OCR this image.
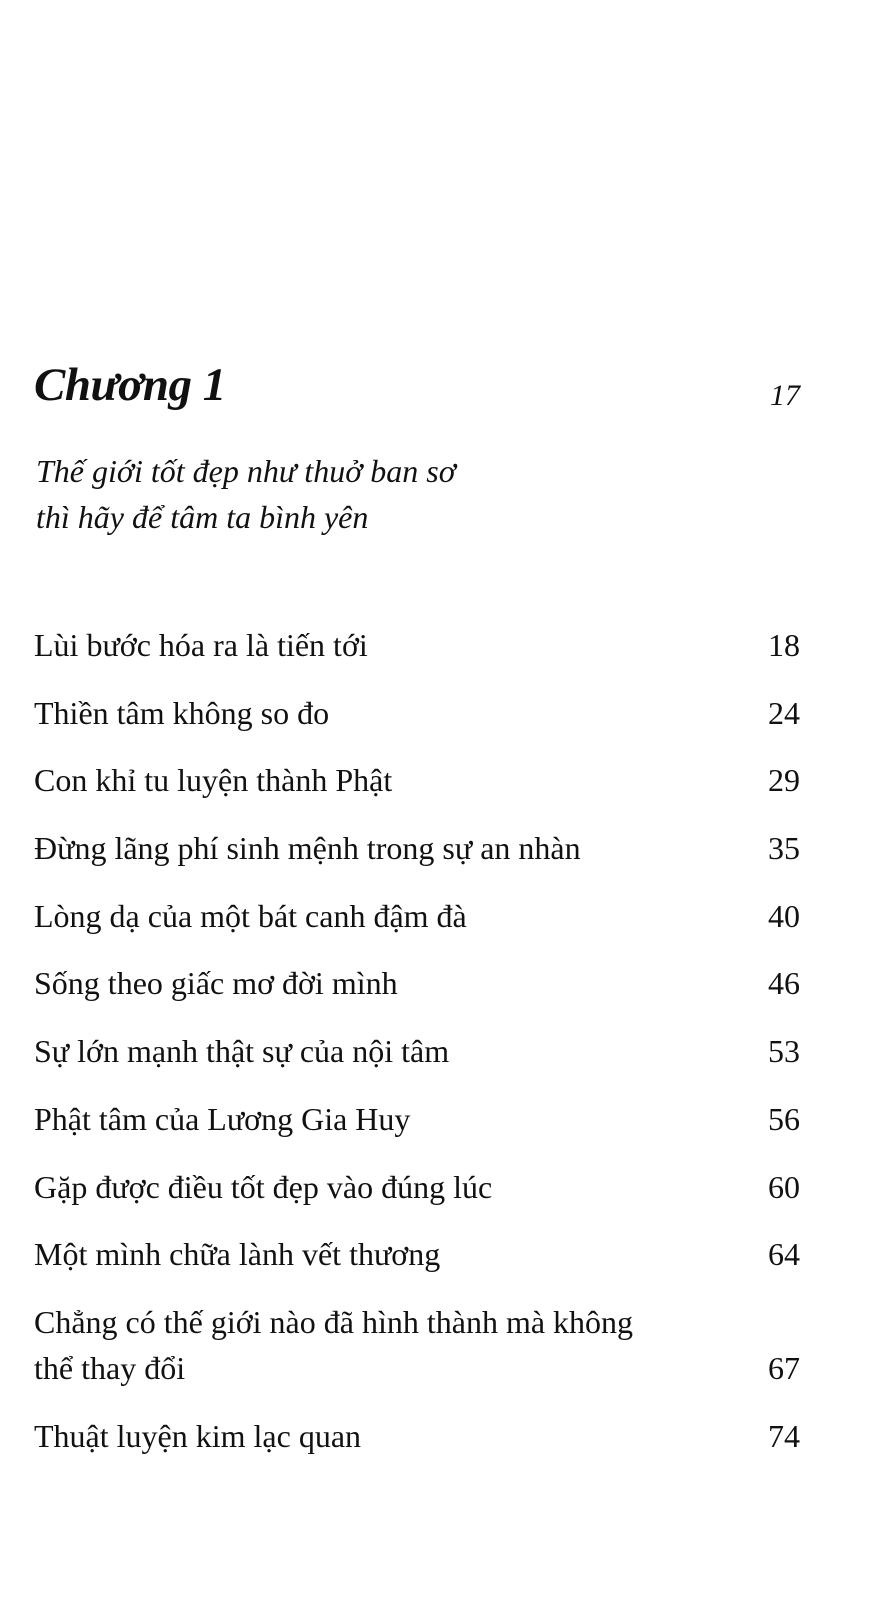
Chương 1	17
Thế giới tốt đẹp như thuở ban sơ
thì hãy để tâm ta bình yên
Lùi bước hóa ra là tiến tới	18
Thiền tâm không so đo	24
Con khỉ tu luyện thành Phật	29
Đừng lãng phí sinh mệnh trong sự an nhàn	35
Lòng dạ của một bát canh đậm đà	40
Sống theo giấc mơ đời mình	46
Sự lớn mạnh thật sự của nội tâm	53
Phật tâm của Lương Gia Huy	56
Gặp được điều tốt đẹp vào đúng lúc	60
Một mình chữa lành vết thương	64
Chẳng có thế giới nào đã hình thành mà không thể thay đổi	67
Thuật luyện kim lạc quan	74
